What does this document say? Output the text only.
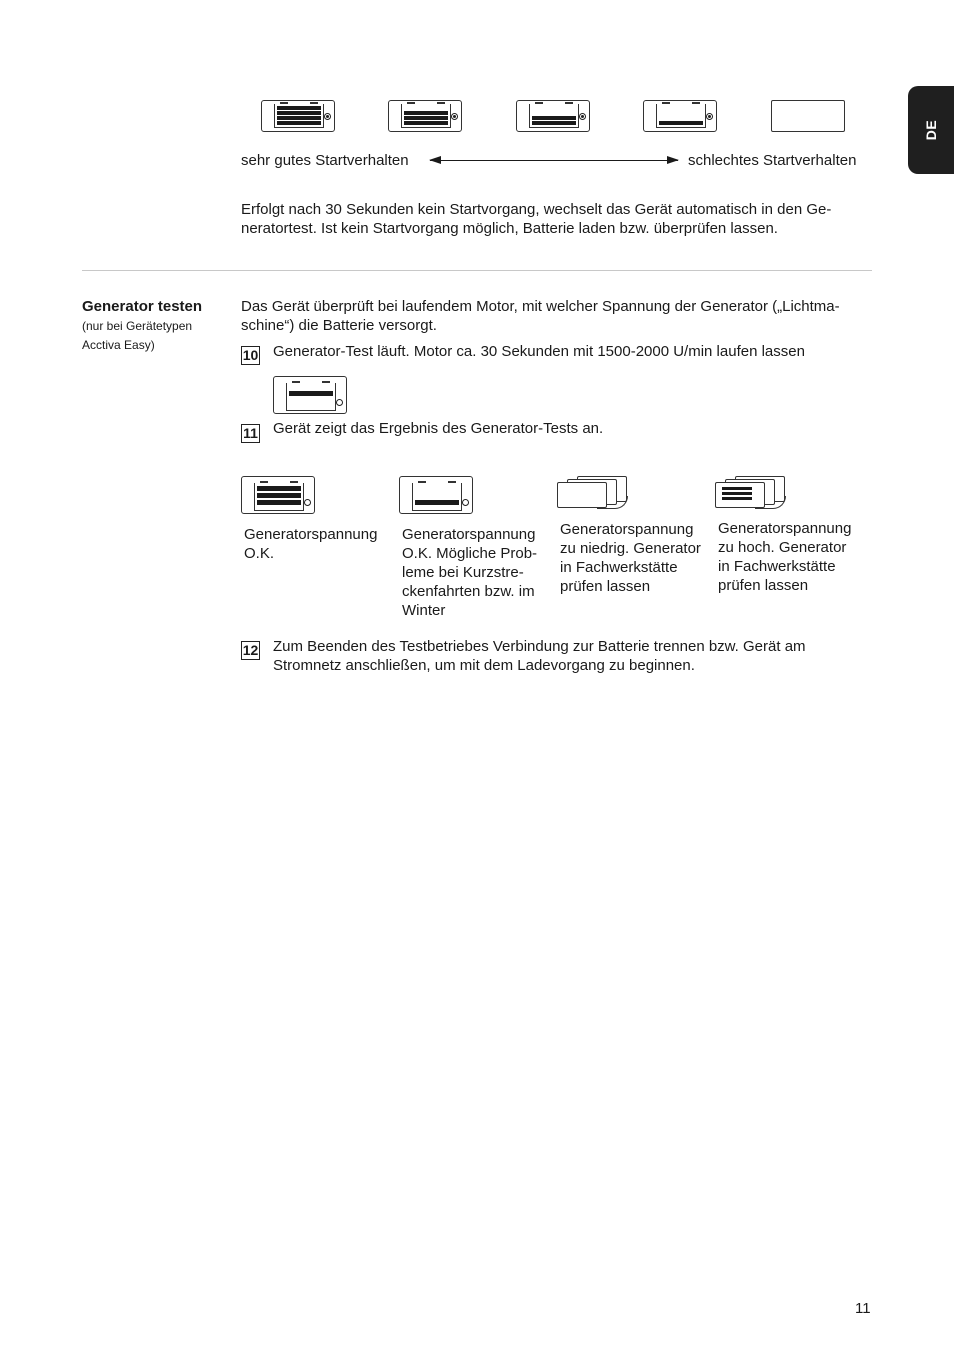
DE
sehr gutes Startverhalten	schlechtes Startverhalten
Erfolgt nach 30 Sekunden kein Startvorgang, wechselt das Gerät automatisch in den Ge-
neratortest. Ist kein Startvorgang möglich, Batterie laden bzw. überprüfen lassen.
Generator testen
(nur bei Gerätetypen
Acctiva Easy)
Das Gerät überprüft bei laufendem Motor, mit welcher Spannung der Generator („Lichtma-
schine“) die Batterie versorgt.
10 Generator-Test läuft. Motor ca. 30 Sekunden mit 1500-2000 U/min laufen lassen
11 Gerät zeigt das Ergebnis des Generator-Tests an.
Generatorspannung
O.K.
Generatorspannung
O.K. Mögliche Prob-
leme bei Kurzstre-
ckenfahrten bzw. im
Winter
Generatorspannung
zu niedrig. Generator
in Fachwerkstätte
prüfen lassen
Generatorspannung
zu hoch. Generator
in Fachwerkstätte
prüfen lassen
12 Zum Beenden des Testbetriebes Verbindung zur Batterie trennen bzw. Gerät am
Stromnetz anschließen, um mit dem Ladevorgang zu beginnen.
11
